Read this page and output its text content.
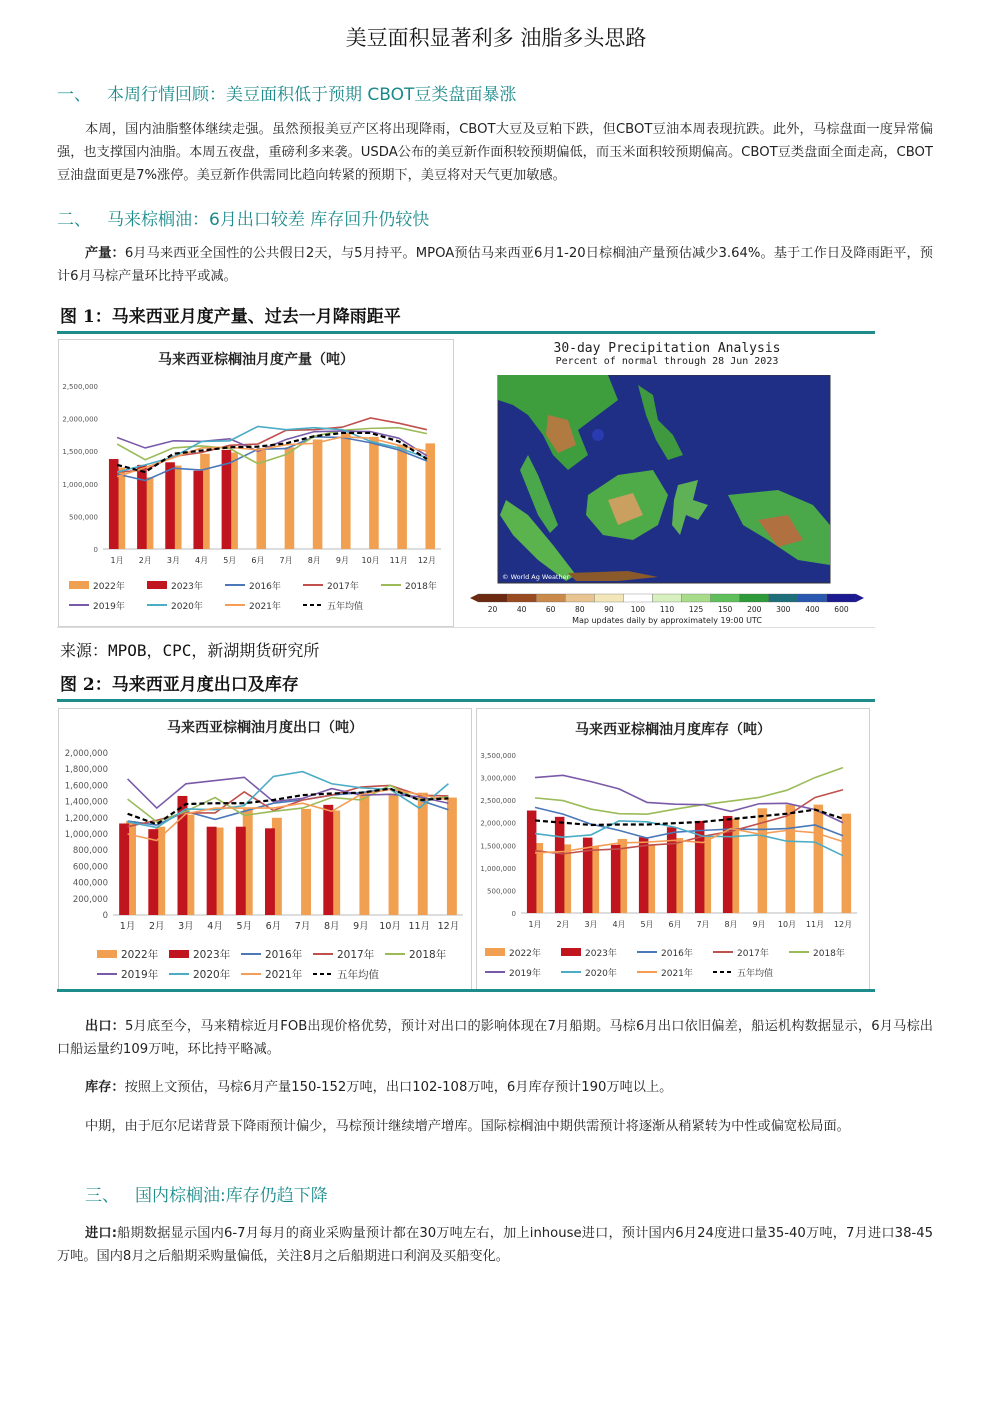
美豆面积显著利多 油脂多头思路
一、 本周行情回顾：美豆面积低于预期 CBOT豆类盘面暴涨
本周，国内油脂整体继续走强。虽然预报美豆产区将出现降雨，CBOT大豆及豆粕下跌，但CBOT豆油本周表现抗跌。此外，马棕盘面一度异常偏强，也支撑国内油脂。本周五夜盘，重磅利多来袭。USDA公布的美豆新作面积较预期偏低，而玉米面积较预期偏高。CBOT豆类盘面全面走高，CBOT豆油盘面更是7%涨停。美豆新作供需同比趋向转紧的预期下，美豆将对天气更加敏感。
二、 马来棕榈油：6月出口较差 库存回升仍较快
产量：6月马来西亚全国性的公共假日2天，与5月持平。MPOA预估马来西亚6月1-20日棕榈油产量预估减少3.64%。基于工作日及降雨距平，预计6月马棕产量环比持平或减。
图 1：马来西亚月度产量、过去一月降雨距平
马来西亚棕榈油月度产量（吨）
0
500,000
1,000,000
1,500,000
2,000,000
2,500,000
1月 2月 3月 4月 5月 6月 7月 8月 9月 10月 11月 12月
2022年	2023年	2016年	2017年	2018年
2019年	2020年	2021年	五年均值
30-day Precipitation Analysis
Percent of normal through 28 Jun 2023
© World Ag Weather
20	40	60	80	90 100 110 125 150 200 300 400 600
Map updates daily by approximately 19:00 UTC
来源：MPOB，CPC，新湖期货研究所
图 2：马来西亚月度出口及库存
马来西亚棕榈油月度出口（吨）
0
200,000
400,000
600,000
800,000
1,000,000
1,200,000
1,400,000
1,600,000
1,800,000
2,000,000
1月 2月 3月 4月 5月 6月 7月 8月 9月 10月 11月 12月
2022年	2023年	2016年	2017年	2018年
2019年	2020年	2021年	五年均值
马来西亚棕榈油月度库存（吨）
0
500,000
1,000,000
1,500,000
2,000,000
2,500,000
3,000,000
3,500,000
1月 2月 3月 4月 5月 6月 7月 8月 9月 10月 11月 12月
2022年	2023年	2016年	2017年	2018年
2019年	2020年	2021年	五年均值
出口：5月底至今，马来精棕近月FOB出现价格优势，预计对出口的影响体现在7月船期。马棕6月出口依旧偏差，船运机构数据显示，6月马棕出口船运量约109万吨，环比持平略减。
库存：按照上文预估，马棕6月产量150-152万吨，出口102-108万吨，6月库存预计190万吨以上。
中期，由于厄尔尼诺背景下降雨预计偏少，马棕预计继续增产增库。国际棕榈油中期供需预计将逐渐从稍紧转为中性或偏宽松局面。
三、 国内棕榈油:库存仍趋下降
进口:船期数据显示国内6-7月每月的商业采购量预计都在30万吨左右，加上inhouse进口，预计国内6月24度进口量35-40万吨，7月进口38-45万吨。国内8月之后船期采购量偏低，关注8月之后船期进口利润及买船变化。
